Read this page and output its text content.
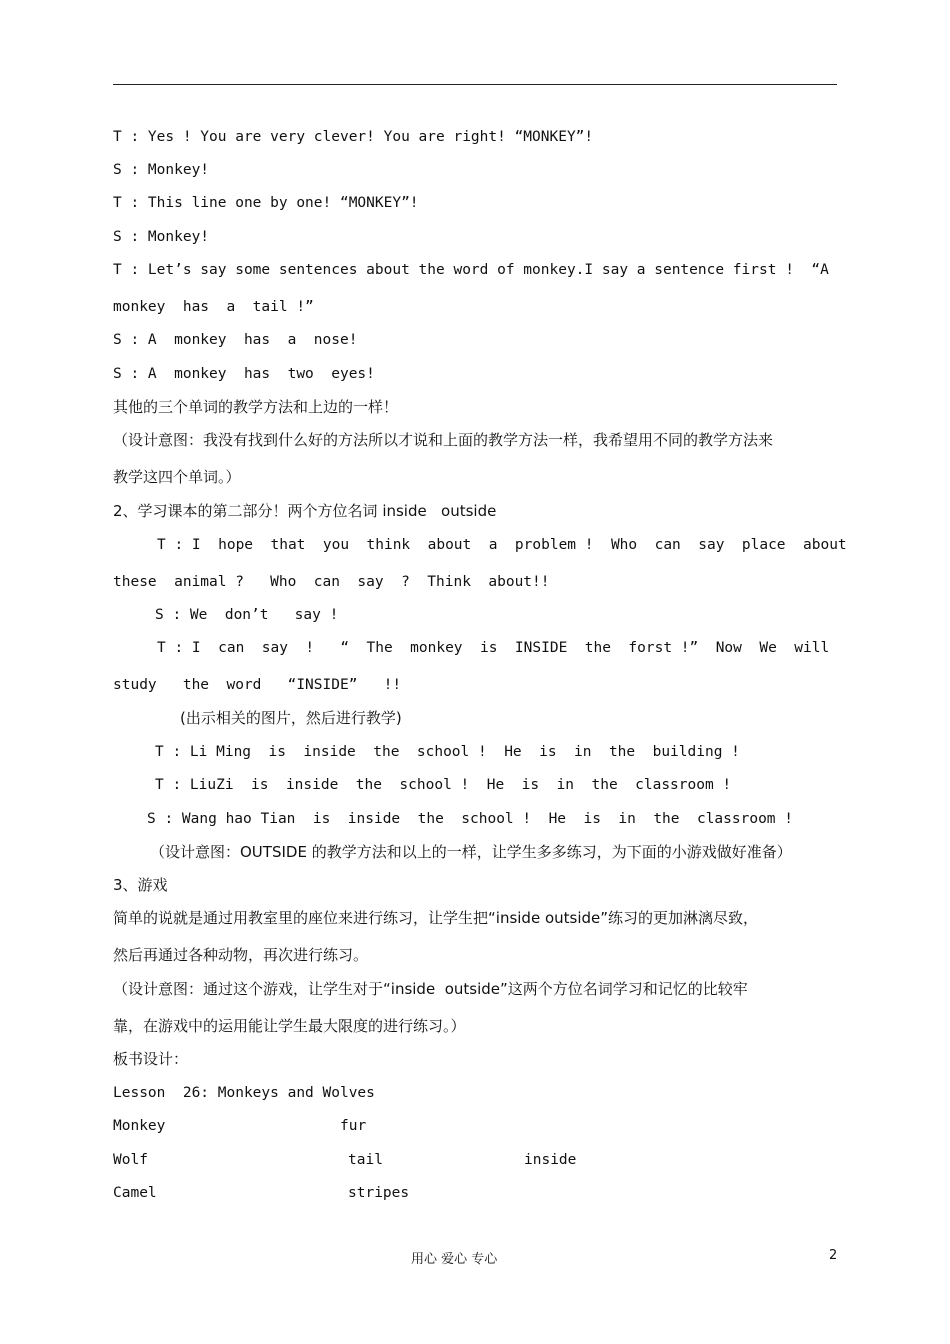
T : Yes ! You are very clever! You are right! “MONKEY”!
S : Monkey!
T : This line one by one! “MONKEY”!
S : Monkey!
T : Let’s say some sentences about the word of monkey.I say a sentence first !  “A
monkey  has  a  tail !”
S : A  monkey  has  a  nose!
S : A  monkey  has  two  eyes!
其他的三个单词的教学方法和上边的一样！
（设计意图：我没有找到什么好的方法所以才说和上面的教学方法一样，我希望用不同的教学方法来
教学这四个单词。）
2、学习课本的第二部分！两个方位名词 inside   outside
T : I  hope  that  you  think  about  a  problem !  Who  can  say  place  about
these  animal ?   Who  can  say  ?  Think  about!!
S : We  don’t   say !
T : I  can  say  !   “  The  monkey  is  INSIDE  the  forst !”  Now  We  will
study   the  word   “INSIDE”   !!
(出示相关的图片，然后进行教学)
T : Li Ming  is  inside  the  school !  He  is  in  the  building !
T : LiuZi  is  inside  the  school !  He  is  in  the  classroom !
S : Wang hao Tian  is  inside  the  school !  He  is  in  the  classroom !
（设计意图：OUTSIDE 的教学方法和以上的一样，让学生多多练习，为下面的小游戏做好准备）
3、游戏
简单的说就是通过用教室里的座位来进行练习，让学生把“inside outside”练习的更加淋漓尽致，
然后再通过各种动物，再次进行练习。
（设计意图：通过这个游戏，让学生对于“inside  outside”这两个方位名词学习和记忆的比较牢
靠，在游戏中的运用能让学生最大限度的进行练习。）
板书设计：
Lesson  26: Monkeys and Wolves
Monkey	fur
Wolf	tail	inside
Camel	stripes
用心 爱心 专心	2
